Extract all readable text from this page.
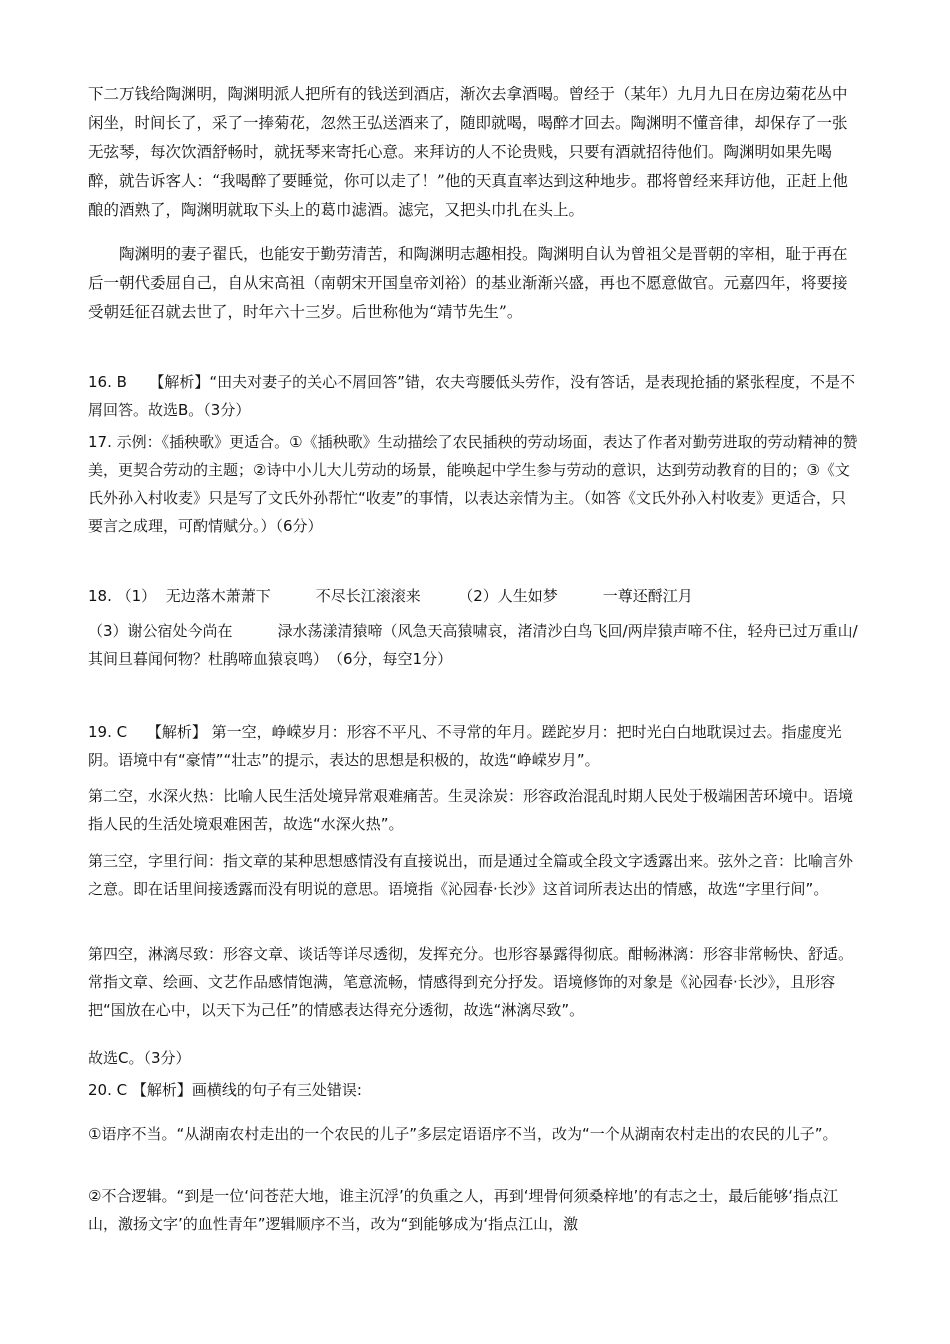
下二万钱给陶渊明，陶渊明派人把所有的钱送到酒店，渐次去拿酒喝。曾经于（某年）九月九日在房边菊花丛中闲坐，时间长了，采了一捧菊花，忽然王弘送酒来了，随即就喝，喝醉才回去。陶渊明不懂音律，却保存了一张无弦琴，每次饮酒舒畅时，就抚琴来寄托心意。来拜访的人不论贵贱，只要有酒就招待他们。陶渊明如果先喝醉，就告诉客人：“我喝醉了要睡觉，你可以走了！”他的天真直率达到这种地步。郡将曾经来拜访他，正赶上他酿的酒熟了，陶渊明就取下头上的葛巾滤酒。滤完，又把头巾扎在头上。

　　陶渊明的妻子翟氏，也能安于勤劳清苦，和陶渊明志趣相投。陶渊明自认为曾祖父是晋朝的宰相，耻于再在后一朝代委屈自己，自从宋高祖（南朝宋开国皇帝刘裕）的基业渐渐兴盛，再也不愿意做官。元嘉四年，将要接受朝廷征召就去世了，时年六十三岁。后世称他为“靖节先生”。

16. B　　【解析】“田夫对妻子的关心不屑回答”错，农夫弯腰低头劳作，没有答话，是表现抢插的紧张程度，不是不屑回答。故选B。（3分）

17. 示例：《插秧歌》更适合。①《插秧歌》生动描绘了农民插秧的劳动场面，表达了作者对勤劳进取的劳动精神的赞美，更契合劳动的主题；②诗中小儿大儿劳动的场景，能唤起中学生参与劳动的意识，达到劳动教育的目的；③《文氏外孙入村收麦》只是写了文氏外孙帮忙“收麦”的事情，以表达亲情为主。（如答《文氏外孙入村收麦》更适合，只要言之成理，可酌情赋分。）（6分）

18. （1）  无边落木萧萧下　　　不尽长江滚滚来　　　（2）人生如梦　　　一尊还酹江月

（3）谢公宿处今尚在　　　渌水荡漾清猿啼（风急天高猿啸哀，渚清沙白鸟飞回/两岸猿声啼不住，轻舟已过万重山/其间旦暮闻何物？杜鹃啼血猿哀鸣）　（6分，每空1分）

19. C　 【解析】 第一空，峥嵘岁月：形容不平凡、不寻常的年月。蹉跎岁月：把时光白白地耽误过去。指虚度光阴。语境中有“豪情”“壮志”的提示，表达的思想是积极的，故选“峥嵘岁月”。

第二空，水深火热：比喻人民生活处境异常艰难痛苦。生灵涂炭：形容政治混乱时期人民处于极端困苦环境中。语境指人民的生活处境艰难困苦，故选“水深火热”。

第三空，字里行间：指文章的某种思想感情没有直接说出，而是通过全篇或全段文字透露出来。弦外之音：比喻言外之意。即在话里间接透露而没有明说的意思。语境指《沁园春·长沙》这首词所表达出的情感，故选“字里行间”。

第四空，淋漓尽致：形容文章、谈话等详尽透彻，发挥充分。也形容暴露得彻底。酣畅淋漓：形容非常畅快、舒适。常指文章、绘画、文艺作品感情饱满，笔意流畅，情感得到充分抒发。语境修饰的对象是《沁园春·长沙》，且形容把“国放在心中，以天下为己任”的情感表达得充分透彻，故选“淋漓尽致”。

故选C。（3分）

20. C 【解析】画横线的句子有三处错误:

①语序不当。“从湖南农村走出的一个农民的儿子”多层定语语序不当，改为“一个从湖南农村走出的农民的儿子”。

②不合逻辑。“到是一位‘问苍茫大地，谁主沉浮’的负重之人，再到‘埋骨何须桑梓地’的有志之士，最后能够‘指点江山，激扬文字’的血性青年”逻辑顺序不当，改为“到能够成为‘指点江山，激
